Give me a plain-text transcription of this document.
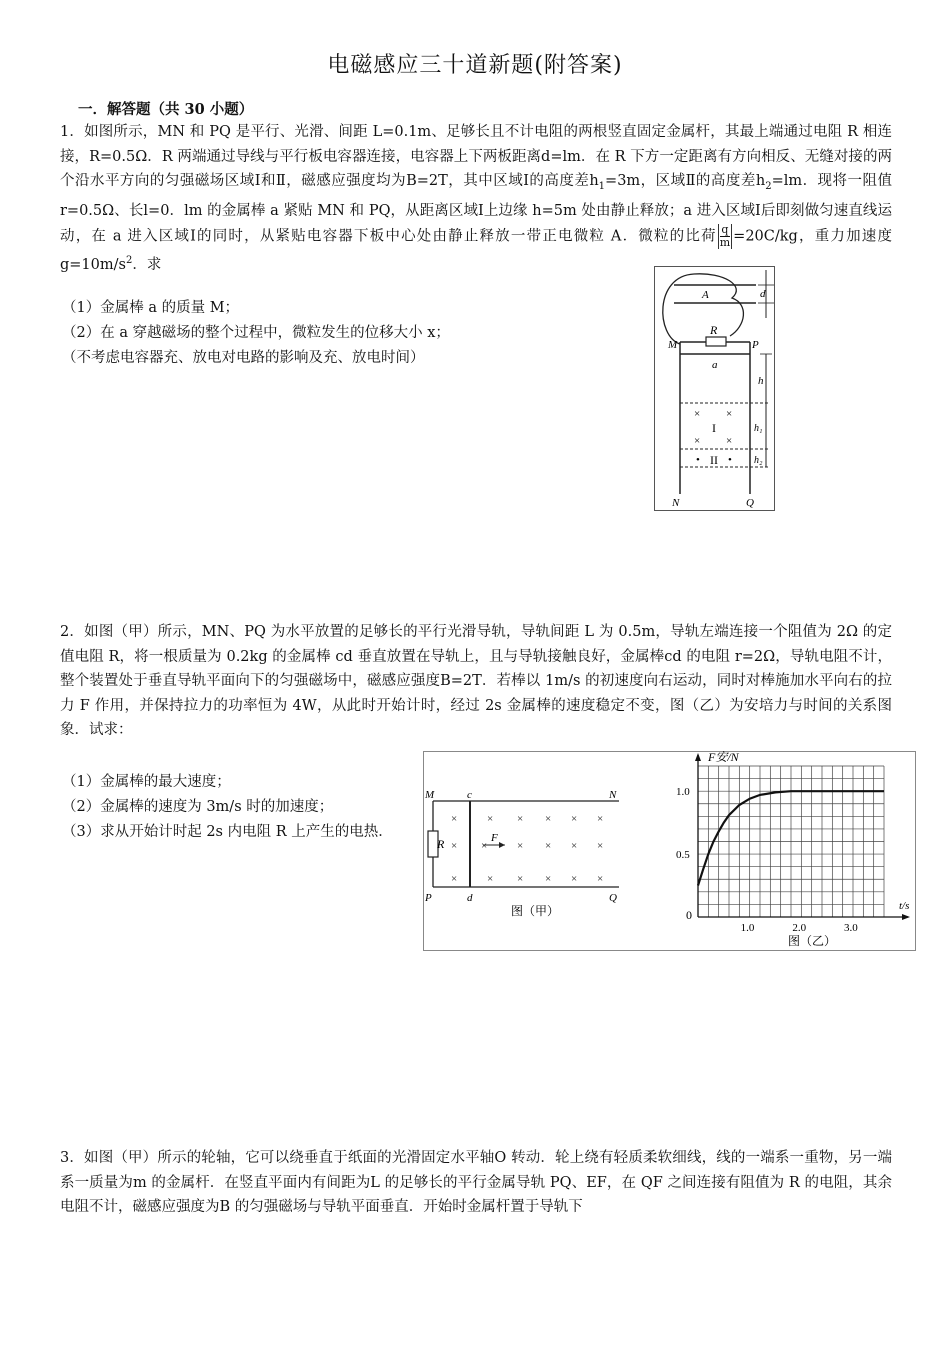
电磁感应三十道新题(附答案)
一．解答题（共 30 小题）

1．如图所示，MN 和 PQ 是平行、光滑、间距 L=0.1m、足够长且不计电阻的两根竖直固定金属杆，其最上端通过电阻 R 相连接，R=0.5Ω．R 两端通过导线与平行板电容器连接，电容器上下两板距离d=lm．在 R 下方一定距离有方向相反、无缝对接的两个沿水平方向的匀强磁场区域Ⅰ和Ⅱ，磁感应强度均为B=2T，其中区域Ⅰ的高度差$h_1=3m$，区域Ⅱ的高度差$h_2=lm$．现将一阻值r=0.5Ω、长l=0．lm 的金属棒 a 紧贴 MN 和 PQ，从距离区域Ⅰ上边缘 h=5m 处由静止释放；a 进入区域Ⅰ后即刻做匀速直线运动，在 a 进入区域Ⅰ的同时，从紧贴电容器下板中心处由静止释放一带正电微粒 A．微粒的比荷 $\frac{q}{m} =20C/kg$，重力加速度 $g=10m/s^2$．求

（1）金属棒 a 的质量 M；
（2）在 a 穿越磁场的整个过程中，微粒发生的位移大小 x；
（不考虑电容器充、放电对电路的影响及充、放电时间）
A	d
R
M	P
a
h
h₁
h₂
× ×
× ×
I
•	•
II
N	Q

2．如图（甲）所示，MN、PQ 为水平放置的足够长的平行光滑导轨，导轨间距 L 为 0.5m，导轨左端连接一个阻值为 2Ω 的定值电阻 R，将一根质量为 0.2kg 的金属棒 cd 垂直放置在导轨上，且与导轨接触良好，金属棒cd 的电阻 r=2Ω，导轨电阻不计，整个装置处于垂直导轨平面向下的匀强磁场中，磁感应强度B=2T．若棒以 1m/s 的初速度向右运动，同时对棒施加水平向右的拉力 F 作用，并保持拉力的功率恒为 4W，从此时开始计时，经过 2s 金属棒的速度稳定不变，图（乙）为安培力与时间的关系图象．试求：

（1）金属棒的最大速度；
（2）金属棒的速度为 3m/s 时的加速度；
（3）求从开始计时起 2s 内电阻 R 上产生的电热．
R
M	c	N
P	d	Q
×	× × × × ×
× ×	× × × ×
×	× × × × ×
F
图（甲）
1.0	2.0	3.0
0.5
1.0
F安/N
t/s
0
图（乙）

3．如图（甲）所示的轮轴，它可以绕垂直于纸面的光滑固定水平轴O 转动．轮上绕有轻质柔软细线，线的一端系一重物，另一端系一质量为m 的金属杆．在竖直平面内有间距为L 的足够长的平行金属导轨 PQ、EF，在 QF 之间连接有阻值为 R 的电阻，其余电阻不计，磁感应强度为B 的匀强磁场与导轨平面垂直．开始时金属杆置于导轨下
